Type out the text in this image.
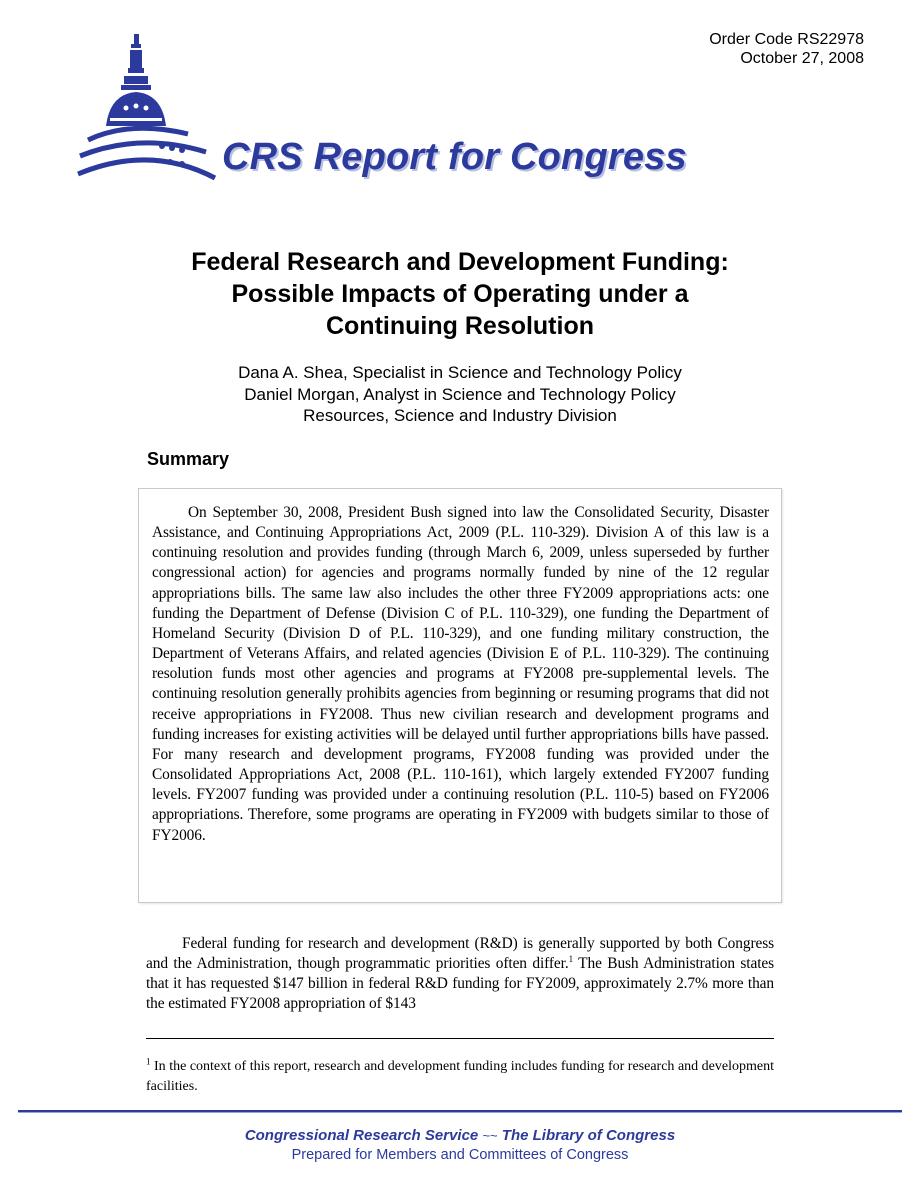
Order Code RS22978
October 27, 2008
CRS Report for Congress
Federal Research and Development Funding:
Possible Impacts of Operating under a
Continuing Resolution
Dana A. Shea, Specialist in Science and Technology Policy
Daniel Morgan, Analyst in Science and Technology Policy
Resources, Science and Industry Division
Summary

On September 30, 2008, President Bush signed into law the Consolidated Security, Disaster Assistance, and Continuing Appropriations Act, 2009 (P.L. 110-329). Division A of this law is a continuing resolution and provides funding (through March 6, 2009, unless superseded by further congressional action) for agencies and programs normally funded by nine of the 12 regular appropriations bills. The same law also includes the other three FY2009 appropriations acts: one funding the Department of Defense (Division C of P.L. 110-329), one funding the Department of Homeland Security (Division D of P.L. 110-329), and one funding military construction, the Department of Veterans Affairs, and related agencies (Division E of P.L. 110-329). The continuing resolution funds most other agencies and programs at FY2008 pre-supplemental levels. The continuing resolution generally prohibits agencies from beginning or resuming programs that did not receive appropriations in FY2008. Thus new civilian research and development programs and funding increases for existing activities will be delayed until further appropriations bills have passed. For many research and development programs, FY2008 funding was provided under the Consolidated Appropriations Act, 2008 (P.L. 110-161), which largely extended FY2007 funding levels. FY2007 funding was provided under a continuing resolution (P.L. 110-5) based on FY2006 appropriations. Therefore, some programs are operating in FY2009 with budgets similar to those of FY2006.

Federal funding for research and development (R&D) is generally supported by both Congress and the Administration, though programmatic priorities often differ.$^1$ The Bush Administration states that it has requested $147 billion in federal R&D funding for FY2009, approximately 2.7% more than the estimated FY2008 appropriation of $143

$^1$ In the context of this report, research and development funding includes funding for research and development facilities.

Congressional Research Service ~~ The Library of Congress
Prepared for Members and Committees of Congress
